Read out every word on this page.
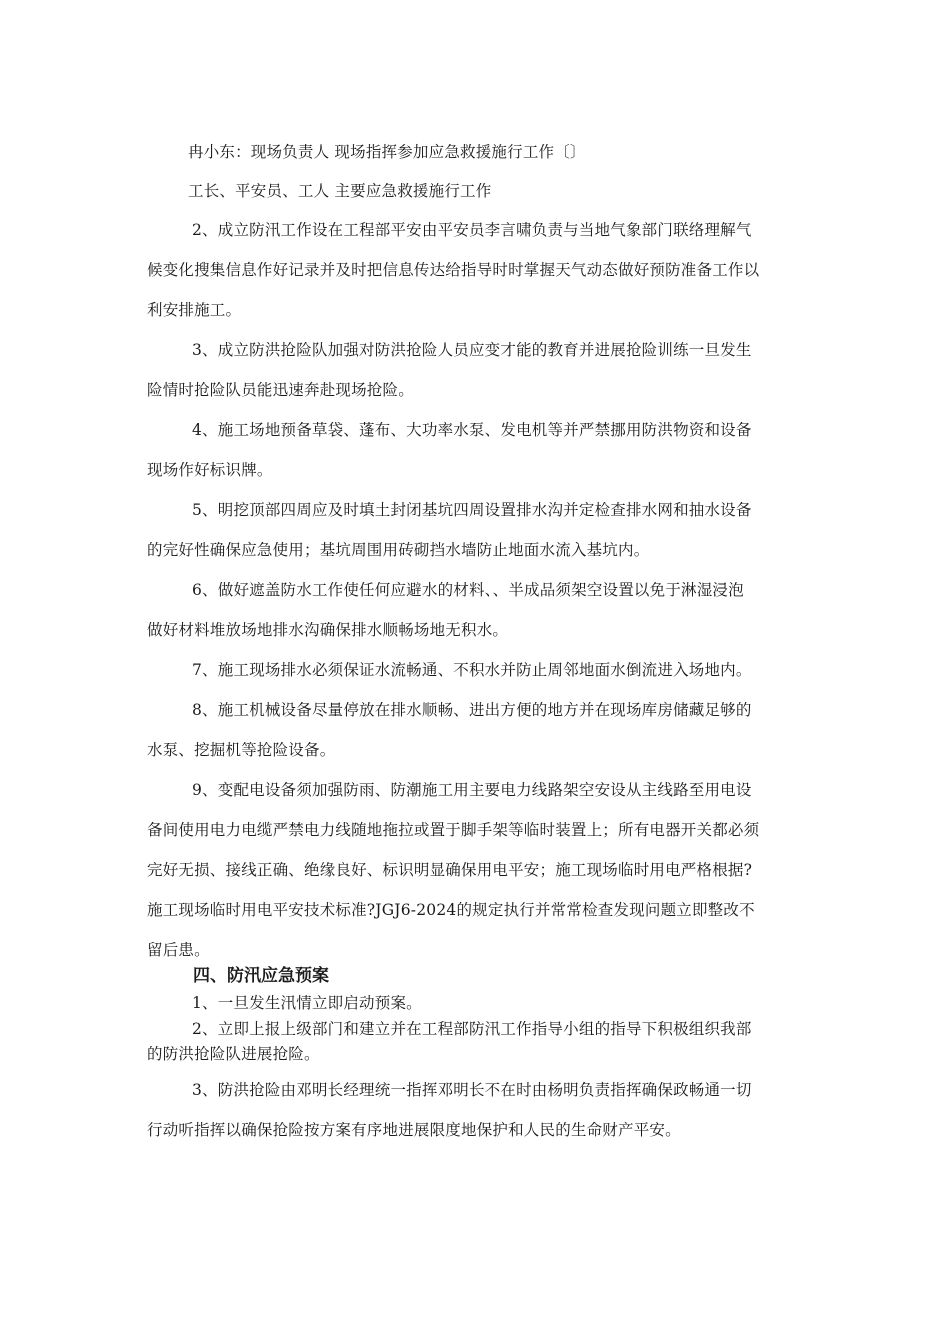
冉小东：现场负责人 现场指挥参加应急救援施行工作〔〕
工长、平安员、工人 主要应急救援施行工作
2、成立防汛工作设在工程部平安由平安员李言啸负责与当地气象部门联络理解气
候变化搜集信息作好记录并及时把信息传达给指导时时掌握天气动态做好预防准备工作以
利安排施工。
3、成立防洪抢险队加强对防洪抢险人员应变才能的教育并进展抢险训练一旦发生
险情时抢险队员能迅速奔赴现场抢险。
4、施工场地预备草袋、蓬布、大功率水泵、发电机等并严禁挪用防洪物资和设备
现场作好标识牌。
5、明挖顶部四周应及时填土封闭基坑四周设置排水沟并定检查排水网和抽水设备
的完好性确保应急使用；基坑周围用砖砌挡水墙防止地面水流入基坑内。
6、做好遮盖防水工作使任何应避水的材料、、半成品须架空设置以免于淋湿浸泡
做好材料堆放场地排水沟确保排水顺畅场地无积水。
7、施工现场排水必须保证水流畅通、不积水并防止周邻地面水倒流进入场地内。
8、施工机械设备尽量停放在排水顺畅、进出方便的地方并在现场库房储藏足够的
水泵、挖掘机等抢险设备。
9、变配电设备须加强防雨、防潮施工用主要电力线路架空安设从主线路至用电设
备间使用电力电缆严禁电力线随地拖拉或置于脚手架等临时装置上；所有电器开关都必须
完好无损、接线正确、绝缘良好、标识明显确保用电平安；施工现场临时用电严格根据?
施工现场临时用电平安技术标准?JGJ6-2024的规定执行并常常检查发现问题立即整改不
留后患。
四、防汛应急预案
1、一旦发生汛情立即启动预案。
2、立即上报上级部门和建立并在工程部防汛工作指导小组的指导下积极组织我部
的防洪抢险队进展抢险。
3、防洪抢险由邓明长经理统一指挥邓明长不在时由杨明负责指挥确保政畅通一切
行动听指挥以确保抢险按方案有序地进展限度地保护和人民的生命财产平安。
